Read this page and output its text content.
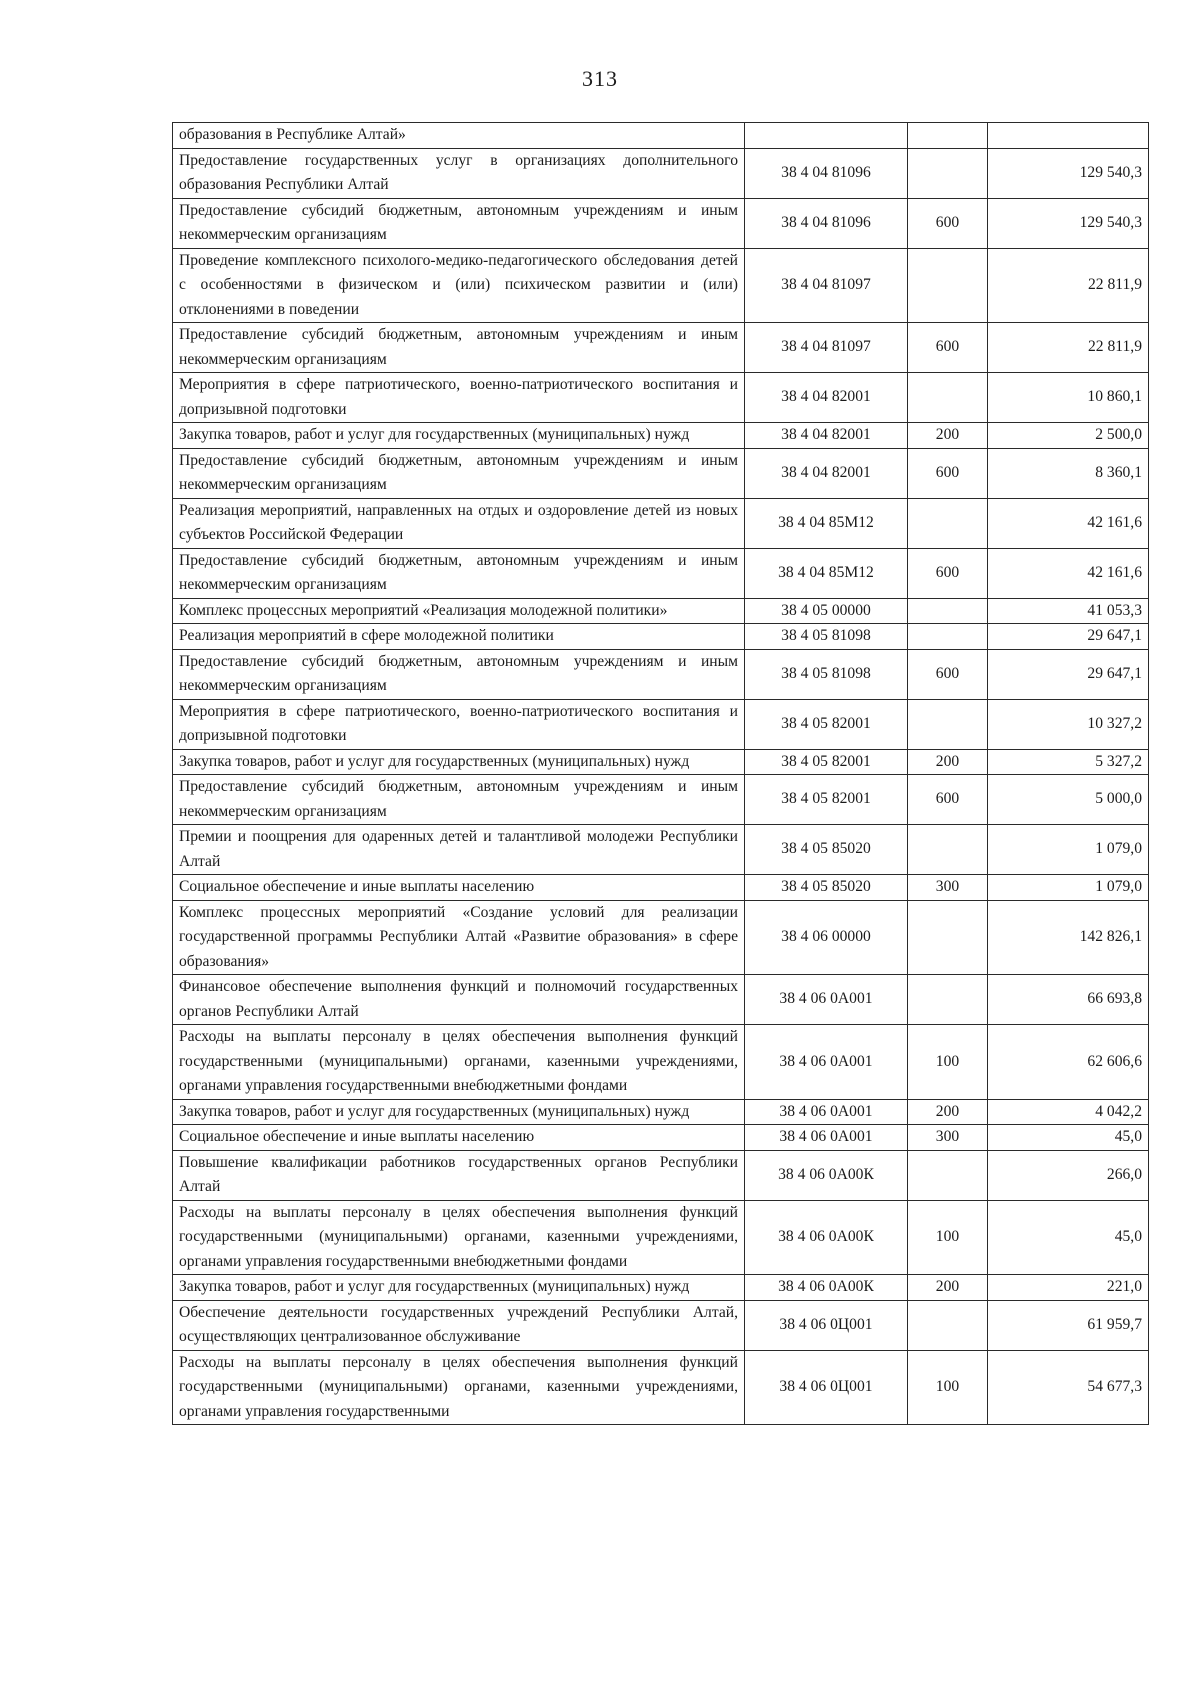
313
образования в Республике Алтай»			
Предоставление государственных услуг в организациях дополнительного образования Республики Алтай	38 4 04 81096		129 540,3
Предоставление субсидий бюджетным, автономным учреждениям и иным некоммерческим организациям	38 4 04 81096	600	129 540,3
Проведение комплексного психолого-медико-педагогического обследования детей с особенностями в физическом и (или) психическом развитии и (или) отклонениями в поведении	38 4 04 81097		22 811,9
Предоставление субсидий бюджетным, автономным учреждениям и иным некоммерческим организациям	38 4 04 81097	600	22 811,9
Мероприятия в сфере патриотического, военно-патриотического воспитания и допризывной подготовки	38 4 04 82001		10 860,1
Закупка товаров, работ и услуг для государственных (муниципальных) нужд	38 4 04 82001	200	2 500,0
Предоставление субсидий бюджетным, автономным учреждениям и иным некоммерческим организациям	38 4 04 82001	600	8 360,1
Реализация мероприятий, направленных на отдых и оздоровление детей из новых субъектов Российской Федерации	38 4 04 85М12		42 161,6
Предоставление субсидий бюджетным, автономным учреждениям и иным некоммерческим организациям	38 4 04 85М12	600	42 161,6
Комплекс процессных мероприятий «Реализация молодежной политики»	38 4 05 00000		41 053,3
Реализация мероприятий в сфере молодежной политики	38 4 05 81098		29 647,1
Предоставление субсидий бюджетным, автономным учреждениям и иным некоммерческим организациям	38 4 05 81098	600	29 647,1
Мероприятия в сфере патриотического, военно-патриотического воспитания и допризывной подготовки	38 4 05 82001		10 327,2
Закупка товаров, работ и услуг для государственных (муниципальных) нужд	38 4 05 82001	200	5 327,2
Предоставление субсидий бюджетным, автономным учреждениям и иным некоммерческим организациям	38 4 05 82001	600	5 000,0
Премии и поощрения для одаренных детей и талантливой молодежи Республики Алтай	38 4 05 85020		1 079,0
Социальное обеспечение и иные выплаты населению	38 4 05 85020	300	1 079,0
Комплекс процессных мероприятий «Создание условий для реализации государственной программы Республики Алтай «Развитие образования» в сфере образования»	38 4 06 00000		142 826,1
Финансовое обеспечение выполнения функций и полномочий государственных органов Республики Алтай	38 4 06 0А001		66 693,8
Расходы на выплаты персоналу в целях обеспечения выполнения функций государственными (муниципальными) органами, казенными учреждениями, органами управления государственными внебюджетными фондами	38 4 06 0А001	100	62 606,6
Закупка товаров, работ и услуг для государственных (муниципальных) нужд	38 4 06 0А001	200	4 042,2
Социальное обеспечение и иные выплаты населению	38 4 06 0А001	300	45,0
Повышение квалификации работников государственных органов Республики Алтай	38 4 06 0А00К		266,0
Расходы на выплаты персоналу в целях обеспечения выполнения функций государственными (муниципальными) органами, казенными учреждениями, органами управления государственными внебюджетными фондами	38 4 06 0А00К	100	45,0
Закупка товаров, работ и услуг для государственных (муниципальных) нужд	38 4 06 0А00К	200	221,0
Обеспечение деятельности государственных учреждений Республики Алтай, осуществляющих централизованное обслуживание	38 4 06 0Ц001		61 959,7
Расходы на выплаты персоналу в целях обеспечения выполнения функций государственными (муниципальными) органами, казенными учреждениями, органами управления государственными	38 4 06 0Ц001	100	54 677,3
